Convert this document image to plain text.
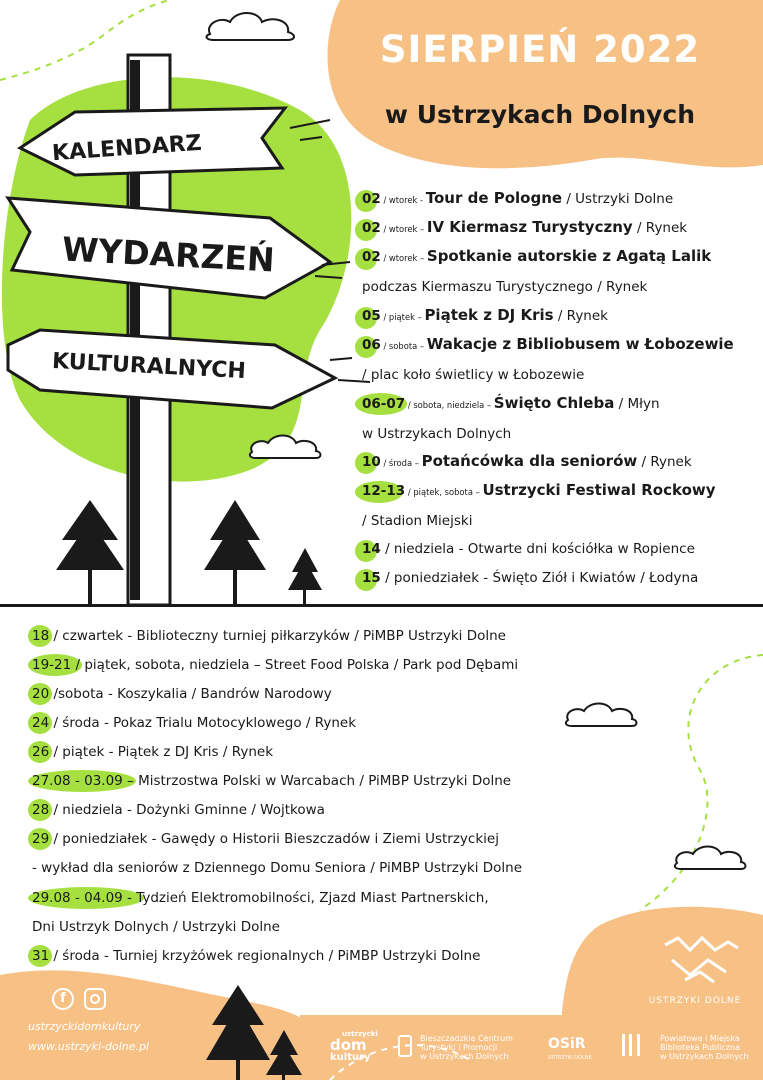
SIERPIEŃ 2022
w Ustrzykach Dolnych
KALENDARZ
WYDARZEŃ
KULTURALNYCH
02 / wtorek - Tour de Pologne / Ustrzyki Dolne
02 / wtorek – IV Kiermasz Turystyczny / Rynek
02 / wtorek – Spotkanie autorskie z Agatą Lalik
podczas Kiermaszu Turystycznego / Rynek
05 / piątek – Piątek z DJ Kris / Rynek
06 / sobota – Wakacje z Bibliobusem w Łobozewie
/ plac koło świetlicy w Łobozewie
06-07 / sobota, niedziela – Święto Chleba / Młyn
w Ustrzykach Dolnych
10 / środa – Potańcówka dla seniorów / Rynek
12-13 / piątek, sobota – Ustrzycki Festiwal Rockowy
/ Stadion Miejski
14 / niedziela - Otwarte dni kościółka w Ropience
15 / poniedziałek - Święto Ziół i Kwiatów / Łodyna
18 / czwartek - Biblioteczny turniej piłkarzyków / PiMBP Ustrzyki Dolne
19-21 / piątek, sobota, niedziela – Street Food Polska / Park pod Dębami
20 /sobota - Koszykalia / Bandrów Narodowy
24 / środa - Pokaz Trialu Motocyklowego / Rynek
26 / piątek - Piątek z DJ Kris / Rynek
27.08 - 03.09 – Mistrzostwa Polski w Warcabach / PiMBP Ustrzyki Dolne
28 / niedziela - Dożynki Gminne / Wojtkowa
29 / poniedziałek - Gawędy o Historii Bieszczadów i Ziemi Ustrzyckiej
- wykład dla seniorów z Dziennego Domu Seniora / PiMBP Ustrzyki Dolne
29.08 - 04.09 - Tydzień Elektromobilności, Zjazd Miast Partnerskich,
Dni Ustrzyk Dolnych / Ustrzyki Dolne
31 / środa - Turniej krzyżówek regionalnych / PiMBP Ustrzyki Dolne
f
ustrzyckidomkultury
www.ustrzyki-dolne.pl
USTRZYKI DOLNE
ustrzycki
dom
kultury
Bieszczadzkie Centrum
Turystyki i Promocji
w Ustrzykach Dolnych
OSiR
USTRZYKI DOLNE
Powiatowa i Miejska
Biblioteka Publiczna
w Ustrzykach Dolnych
